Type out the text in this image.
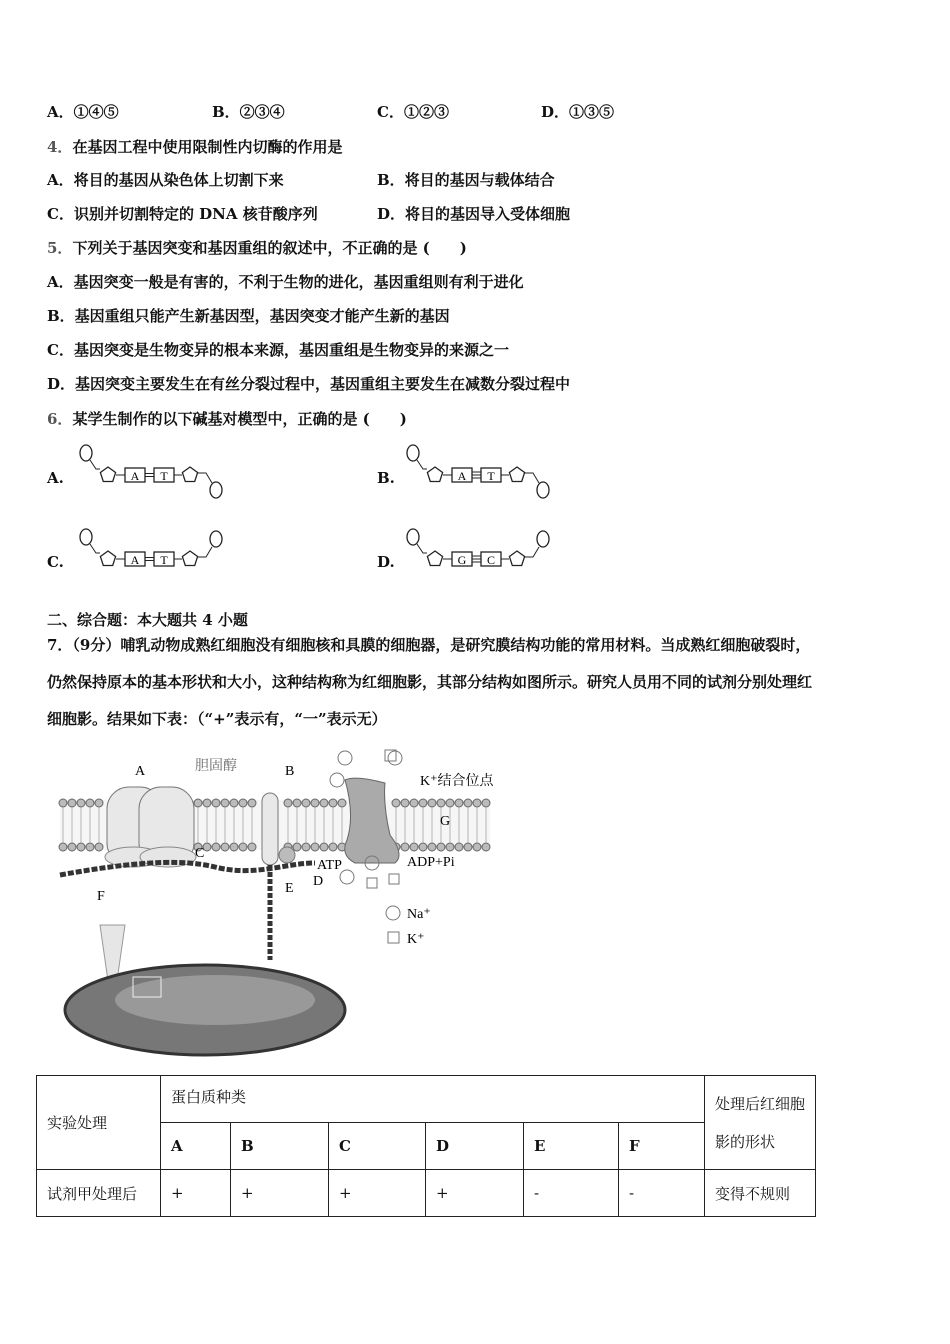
A．①④⑤	B．②③④	C．①②③	D．①③⑤
4．在基因工程中使用限制性内切酶的作用是
A．将目的基因从染色体上切割下来	B．将目的基因与载体结合
C．识别并切割特定的 DNA 核苷酸序列	D．将目的基因导入受体细胞
5．下列关于基因突变和基因重组的叙述中，不正确的是 (　　)
A．基因突变一般是有害的，不利于生物的进化，基因重组则有利于进化
B．基因重组只能产生新基因型，基因突变才能产生新的基因
C．基因突变是生物变异的根本来源，基因重组是生物变异的来源之一
D．基因突变主要发生在有丝分裂过程中，基因重组主要发生在减数分裂过程中
6．某学生制作的以下碱基对模型中，正确的是 (　　)
A.	A T	B.	A T
C.	A T	D.	G C
二、综合题：本大题共 4 小题
7．（9分）哺乳动物成熟红细胞没有细胞核和具膜的细胞器，是研究膜结构功能的常用材料。当成熟红细胞破裂时，
仍然保持原本的基本形状和大小，这种结构称为红细胞影，其部分结构如图所示。研究人员用不同的试剂分别处理红
细胞影。结果如下表：（“+”表示有，“一”表示无）
A	胆固醇	B
C
D
E
F
G
K⁺结合位点
ATP	ADP+Pi
Na⁺
K⁺
实验处理	蛋白质种类						处理后红细胞影的形状
	A	B	C	D	E	F	
试剂甲处理后	+	+	+	+	-	-	变得不规则
